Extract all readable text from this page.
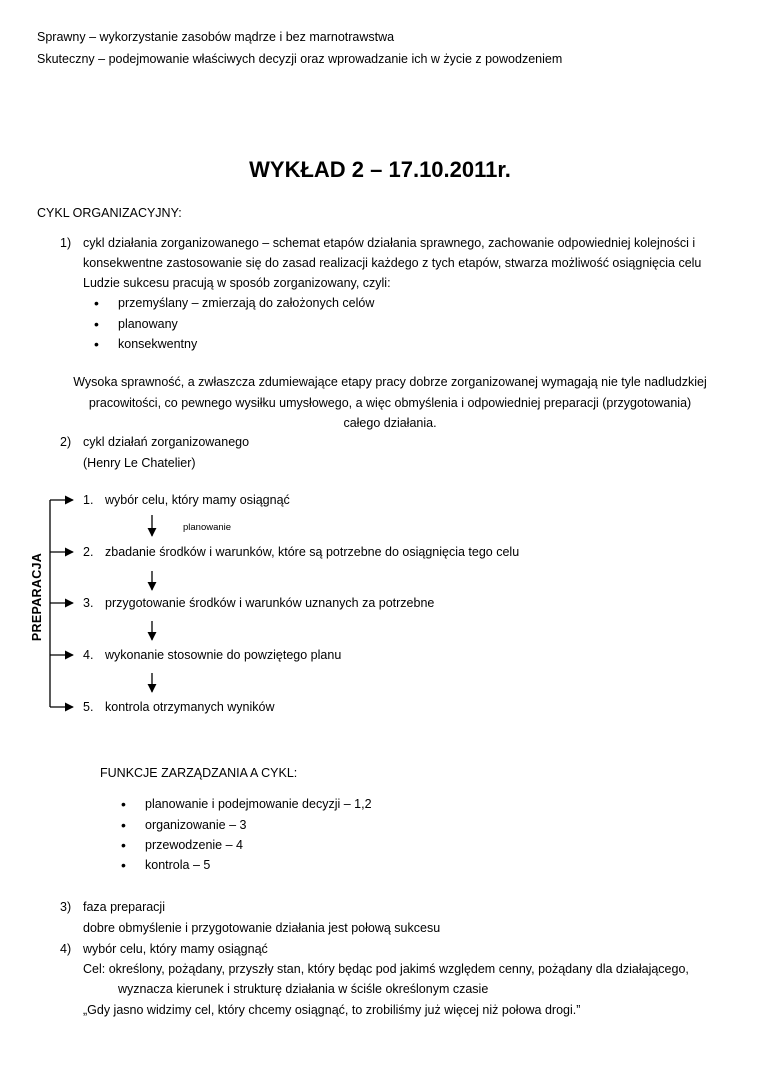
Sprawny – wykorzystanie zasobów mądrze i bez marnotrawstwa
Skuteczny – podejmowanie właściwych decyzji oraz wprowadzanie ich w życie z powodzeniem
WYKŁAD 2 – 17.10.2011r.
CYKL ORGANIZACYJNY:
1) cykl działania zorganizowanego – schemat etapów działania sprawnego, zachowanie odpowiedniej kolejności i
konsekwentne zastosowanie się do zasad realizacji każdego z tych etapów, stwarza możliwość osiągnięcia celu
Ludzie sukcesu pracują w sposób zorganizowany, czyli:
• przemyślany – zmierzają do założonych celów
• planowany
• konsekwentny
Wysoka sprawność, a zwłaszcza zdumiewające etapy pracy dobrze zorganizowanej wymagają nie tyle nadludzkiej
pracowitości, co pewnego wysiłku umysłowego, a więc obmyślenia i odpowiedniej preparacji (przygotowania)
całego działania.
2) cykl działań zorganizowanego
(Henry Le Chatelier)
PREPARACJA
1. wybór celu, który mamy osiągnąć
planowanie
2. zbadanie środków i warunków, które są potrzebne do osiągnięcia tego celu
3. przygotowanie środków i warunków uznanych za potrzebne
4. wykonanie stosownie do powziętego planu
5. kontrola otrzymanych wyników
FUNKCJE ZARZĄDZANIA A CYKL:
• planowanie i podejmowanie decyzji – 1,2
• organizowanie – 3
• przewodzenie – 4
• kontrola – 5
3) faza preparacji
dobre obmyślenie i przygotowanie działania jest połową sukcesu
4) wybór celu, który mamy osiągnąć
Cel: określony, pożądany, przyszły stan, który będąc pod jakimś względem cenny, pożądany dla działającego,
wyznacza kierunek i strukturę działania w ściśle określonym czasie
„Gdy jasno widzimy cel, który chcemy osiągnąć, to zrobiliśmy już więcej niż połowa drogi.”
